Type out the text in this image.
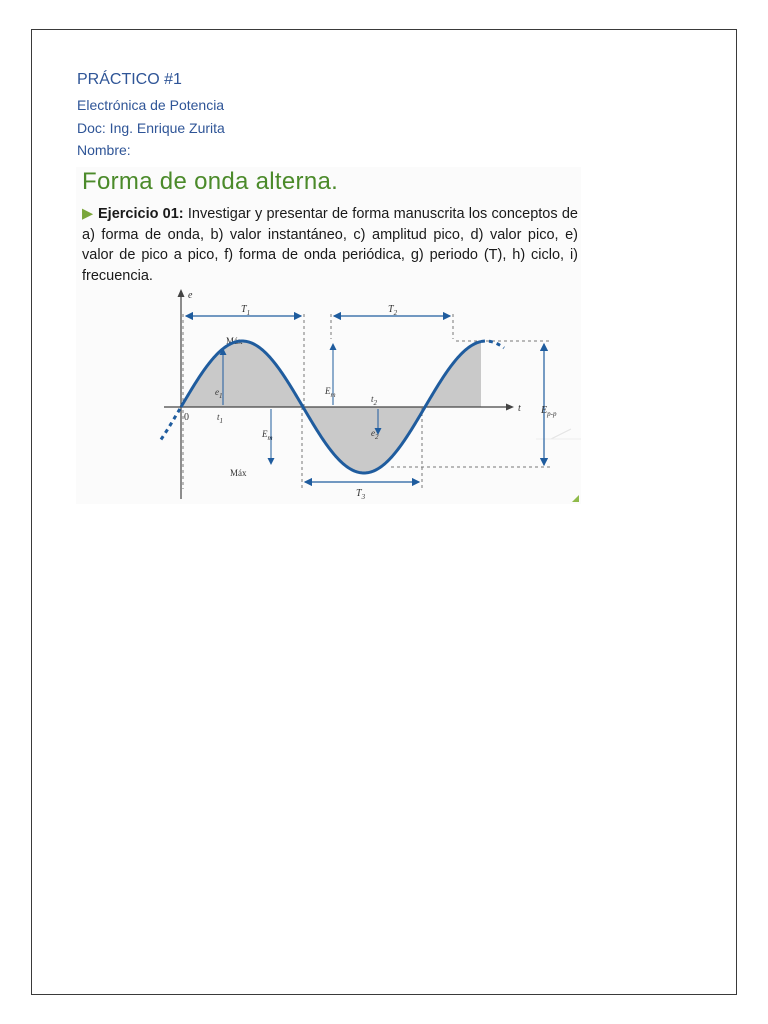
PRÁCTICO #1
Electrónica de Potencia
Doc: Ing. Enrique Zurita
Nombre:
Forma de onda alterna.
▶ Ejercicio 01: Investigar y presentar de forma manuscrita los conceptos de a) forma de onda, b) valor instantáneo, c) amplitud pico, d) valor pico, e) valor de pico a pico, f) forma de onda periódica, g) periodo (T), h) ciclo, i) frecuencia.
e
t
0
$T_1$	$T_2$
$T_3$
$E_{p-p}$
Máx
Máx
$E_m$
$E_m$
$e_1$
$e_2$
$t_1$
$t_2$
